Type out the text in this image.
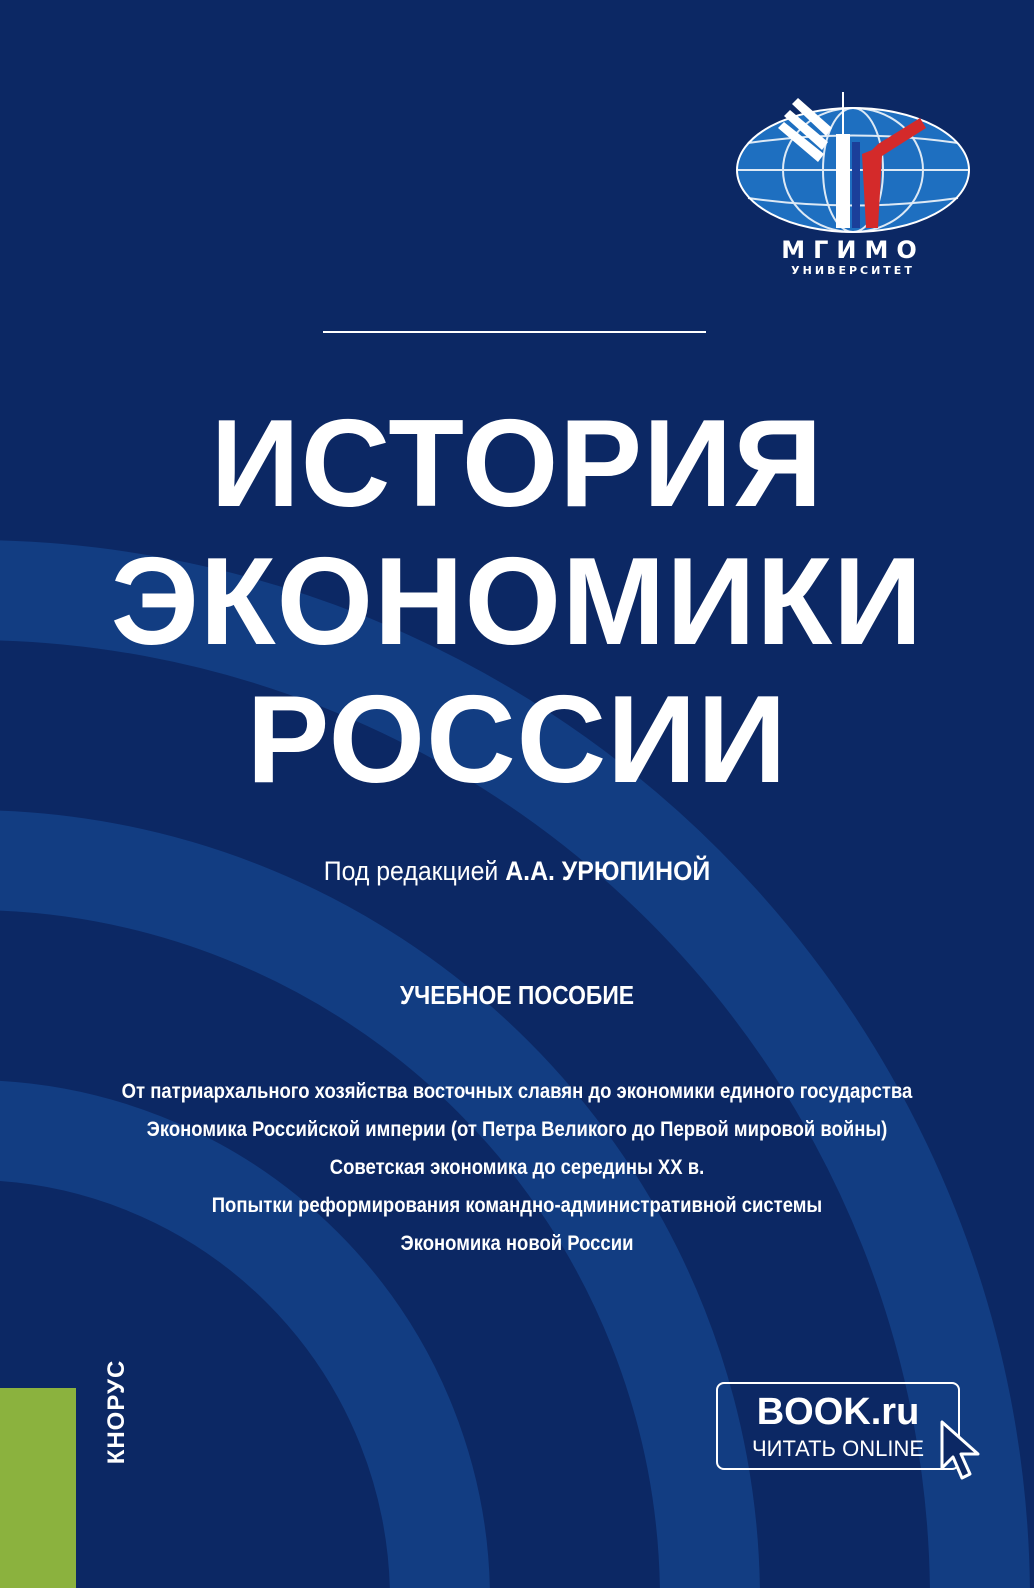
МГИМО
УНИВЕРСИТЕТ
ИСТОРИЯ
ЭКОНОМИКИ
РОССИИ
Под редакцией А.А. УРЮПИНОЙ
УЧЕБНОЕ ПОСОБИЕ
От патриархального хозяйства восточных славян до экономики единого государства
Экономика Российской империи (от Петра Великого до Первой мировой войны)
Советская экономика до середины XX в.
Попытки реформирования командно-административной системы
Экономика новой России
КНОРУС	BOOK.ru
ЧИТАТЬ ONLINE
